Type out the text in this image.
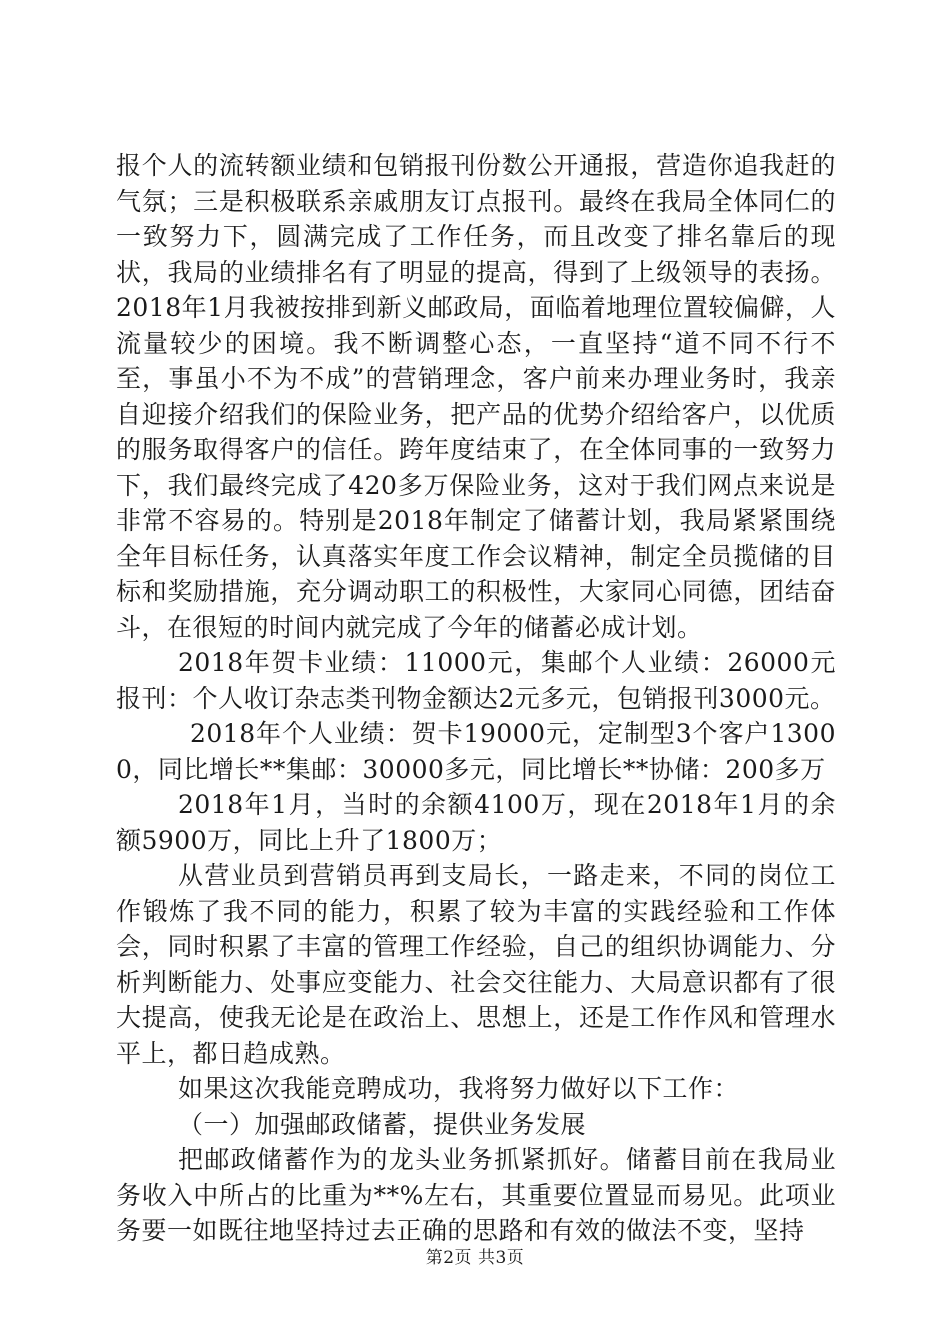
报个人的流转额业绩和包销报刊份数公开通报，营造你追我赶的气氛；三是积极联系亲戚朋友订点报刊。最终在我局全体同仁的一致努力下，圆满完成了工作任务，而且改变了排名靠后的现状，我局的业绩排名有了明显的提高，得到了上级领导的表扬。2018年1月我被按排到新义邮政局，面临着地理位置较偏僻，人流量较少的困境。我不断调整心态，一直坚持“道不同不行不至，事虽小不为不成”的营销理念，客户前来办理业务时，我亲自迎接介绍我们的保险业务，把产品的优势介绍给客户，以优质的服务取得客户的信任。跨年度结束了，在全体同事的一致努力下，我们最终完成了420多万保险业务，这对于我们网点来说是非常不容易的。特别是2018年制定了储蓄计划，我局紧紧围绕全年目标任务，认真落实年度工作会议精神，制定全员揽储的目标和奖励措施，充分调动职工的积极性，大家同心同德，团结奋斗，在很短的时间内就完成了今年的储蓄必成计划。

2018年贺卡业绩：11000元，集邮个人业绩：26000元报刊：个人收订杂志类刊物金额达2元多元，包销报刊3000元。

2018年个人业绩：贺卡19000元，定制型3个客户13000，同比增长**集邮：30000多元，同比增长**协储：200多万

2018年1月，当时的余额4100万，现在2018年1月的余额5900万，同比上升了1800万；

从营业员到营销员再到支局长，一路走来，不同的岗位工作锻炼了我不同的能力，积累了较为丰富的实践经验和工作体会，同时积累了丰富的管理工作经验，自己的组织协调能力、分析判断能力、处事应变能力、社会交往能力、大局意识都有了很大提高，使我无论是在政治上、思想上，还是工作作风和管理水平上，都日趋成熟。

如果这次我能竞聘成功，我将努力做好以下工作：

（一）加强邮政储蓄，提供业务发展

把邮政储蓄作为的龙头业务抓紧抓好。储蓄目前在我局业务收入中所占的比重为**%左右，其重要位置显而易见。此项业务要一如既往地坚持过去正确的思路和有效的做法不变，坚持

第2页 共3页
